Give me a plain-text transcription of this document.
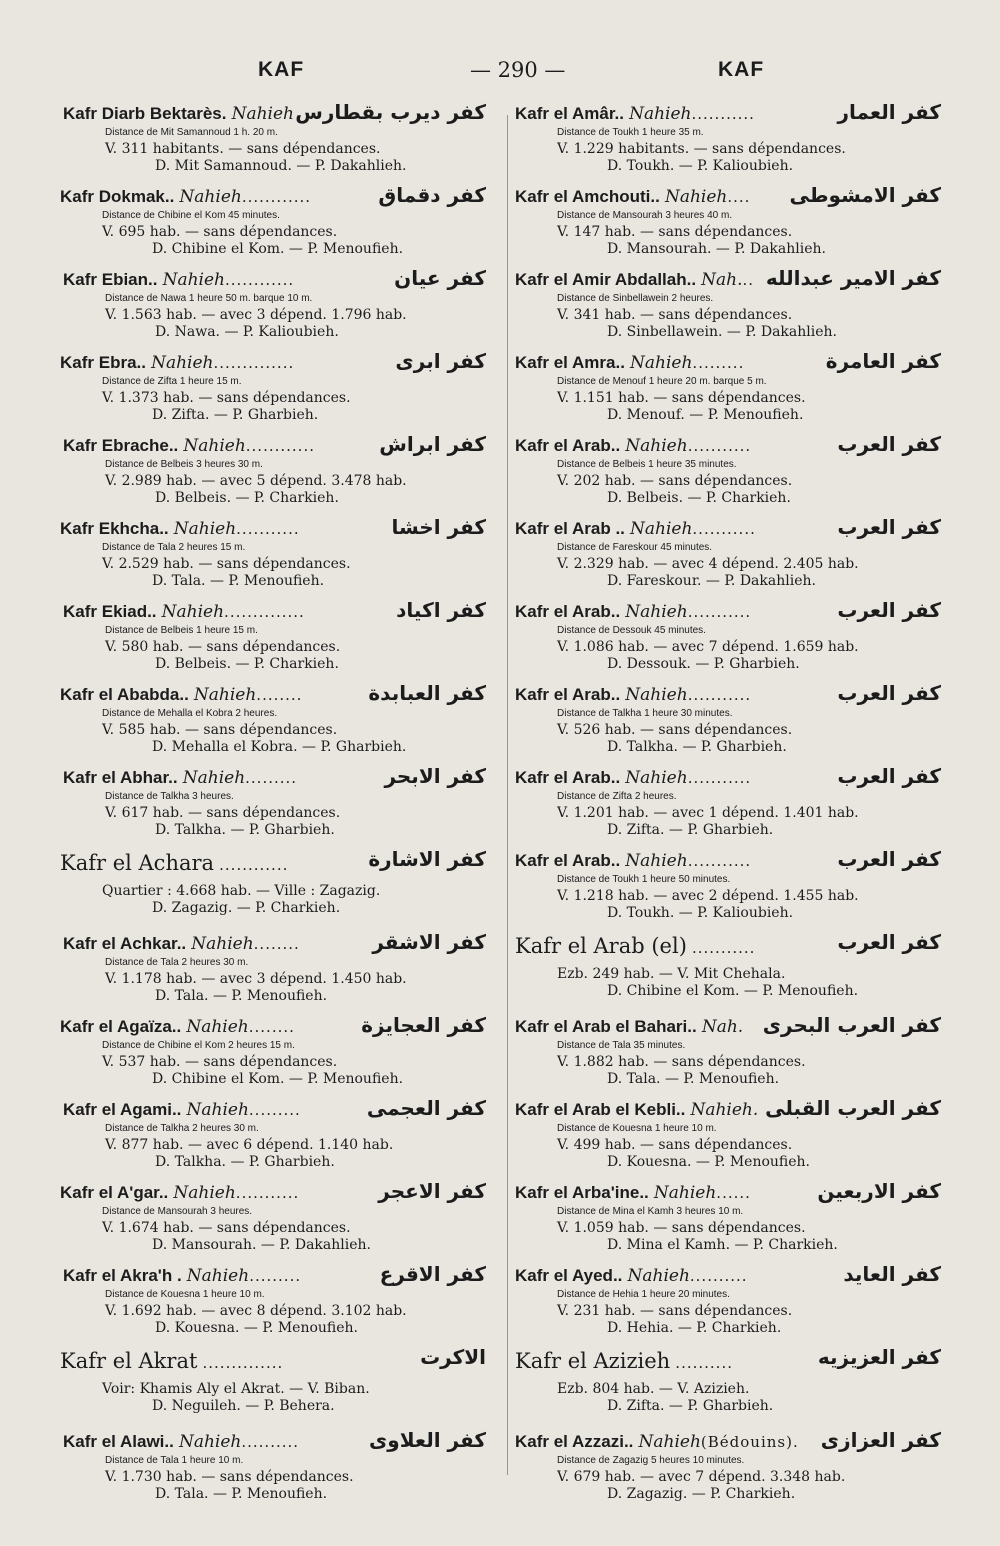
KAF	— 290 —	KAF
Kafr Diarb Bektarès. Nahieh كفر ديرب بقطارس
Distance de Mit Samannoud 1 h. 20 m.
V. 311 habitants. — sans dépendances.
D. Mit Samannoud. — P. Dakahlieh.
Kafr Dokmak.. Nahieh............	كفر دقماق
Distance de Chibine el Kom 45 minutes.
V. 695 hab. — sans dépendances.
D. Chibine el Kom. — P. Menoufieh.
Kafr Ebian.. Nahieh............	كفر عيان
Distance de Nawa 1 heure 50 m. barque 10 m.
V. 1.563 hab. — avec 3 dépend. 1.796 hab.
D. Nawa. — P. Kalioubieh.
Kafr Ebra.. Nahieh..............	كفر ابرى
Distance de Zifta 1 heure 15 m.
V. 1.373 hab. — sans dépendances.
D. Zifta. — P. Gharbieh.
Kafr Ebrache.. Nahieh............	كفر ابراش
Distance de Belbeis 3 heures 30 m.
V. 2.989 hab. — avec 5 dépend. 3.478 hab.
D. Belbeis. — P. Charkieh.
Kafr Ekhcha.. Nahieh...........	كفر اخشا
Distance de Tala 2 heures 15 m.
V. 2.529 hab. — sans dépendances.
D. Tala. — P. Menoufieh.
Kafr Ekiad.. Nahieh..............	كفر اكياد
Distance de Belbeis 1 heure 15 m.
V. 580 hab. — sans dépendances.
D. Belbeis. — P. Charkieh.
Kafr el Ababda.. Nahieh........	كفر العبابدة
Distance de Mehalla el Kobra 2 heures.
V. 585 hab. — sans dépendances.
D. Mehalla el Kobra. — P. Gharbieh.
Kafr el Abhar.. Nahieh.........	كفر الابحر
Distance de Talkha 3 heures.
V. 617 hab. — sans dépendances.
D. Talkha. — P. Gharbieh.
Kafr el Achara ............	كفر الاشارة
Quartier : 4.668 hab. — Ville : Zagazig.
D. Zagazig. — P. Charkieh.
Kafr el Achkar.. Nahieh........	كفر الاشقر
Distance de Tala 2 heures 30 m.
V. 1.178 hab. — avec 3 dépend. 1.450 hab.
D. Tala. — P. Menoufieh.
Kafr el Agaïza.. Nahieh........	كفر العجايزة
Distance de Chibine el Kom 2 heures 15 m.
V. 537 hab. — sans dépendances.
D. Chibine el Kom. — P. Menoufieh.
Kafr el Agami.. Nahieh.........	كفر العجمى
Distance de Talkha 2 heures 30 m.
V. 877 hab. — avec 6 dépend. 1.140 hab.
D. Talkha. — P. Gharbieh.
Kafr el A'gar.. Nahieh...........	كفر الاعجر
Distance de Mansourah 3 heures.
V. 1.674 hab. — sans dépendances.
D. Mansourah. — P. Dakahlieh.
Kafr el Akra'h . Nahieh.........	كفر الاقرع
Distance de Kouesna 1 heure 10 m.
V. 1.692 hab. — avec 8 dépend. 3.102 hab.
D. Kouesna. — P. Menoufieh.
Kafr el Akrat ..............	الاكرت
Voir: Khamis Aly el Akrat. — V. Biban.
D. Neguileh. — P. Behera.
Kafr el Alawi.. Nahieh..........	كفر العلاوى
Distance de Tala 1 heure 10 m.
V. 1.730 hab. — sans dépendances.
D. Tala. — P. Menoufieh.
Kafr el Amâr.. Nahieh...........	كفر العمار
Distance de Toukh 1 heure 35 m.
V. 1.229 habitants. — sans dépendances.
D. Toukh. — P. Kalioubieh.
Kafr el Amchouti.. Nahieh.... كفر الامشوطى
Distance de Mansourah 3 heures 40 m.
V. 147 hab. — sans dépendances.
D. Mansourah. — P. Dakahlieh.
Kafr el Amir Abdallah.. Nah... كفر الامير عبدالله
Distance de Sinbellawein 2 heures.
V. 341 hab. — sans dépendances.
D. Sinbellawein. — P. Dakahlieh.
Kafr el Amra.. Nahieh.........	كفر العامرة
Distance de Menouf 1 heure 20 m. barque 5 m.
V. 1.151 hab. — sans dépendances.
D. Menouf. — P. Menoufieh.
Kafr el Arab.. Nahieh...........	كفر العرب
Distance de Belbeis 1 heure 35 minutes.
V. 202 hab. — sans dépendances.
D. Belbeis. — P. Charkieh.
Kafr el Arab .. Nahieh...........	كفر العرب
Distance de Fareskour 45 minutes.
V. 2.329 hab. — avec 4 dépend. 2.405 hab.
D. Fareskour. — P. Dakahlieh.
Kafr el Arab.. Nahieh...........	كفر العرب
Distance de Dessouk 45 minutes.
V. 1.086 hab. — avec 7 dépend. 1.659 hab.
D. Dessouk. — P. Gharbieh.
Kafr el Arab.. Nahieh...........	كفر العرب
Distance de Talkha 1 heure 30 minutes.
V. 526 hab. — sans dépendances.
D. Talkha. — P. Gharbieh.
Kafr el Arab.. Nahieh...........	كفر العرب
Distance de Zifta 2 heures.
V. 1.201 hab. — avec 1 dépend. 1.401 hab.
D. Zifta. — P. Gharbieh.
Kafr el Arab.. Nahieh...........	كفر العرب
Distance de Toukh 1 heure 50 minutes.
V. 1.218 hab. — avec 2 dépend. 1.455 hab.
D. Toukh. — P. Kalioubieh.
Kafr el Arab (el) ...........	كفر العرب
Ezb. 249 hab. — V. Mit Chehala.
D. Chibine el Kom. — P. Menoufieh.
Kafr el Arab el Bahari.. Nah. كفر العرب البحرى
Distance de Tala 35 minutes.
V. 1.882 hab. — sans dépendances.
D. Tala. — P. Menoufieh.
Kafr el Arab el Kebli.. Nahieh. كفر العرب القبلى
Distance de Kouesna 1 heure 10 m.
V. 499 hab. — sans dépendances.
D. Kouesna. — P. Menoufieh.
Kafr el Arba'ine.. Nahieh......	كفر الاربعين
Distance de Mina el Kamh 3 heures 10 m.
V. 1.059 hab. — sans dépendances.
D. Mina el Kamh. — P. Charkieh.
Kafr el Ayed.. Nahieh..........	كفر العايد
Distance de Hehia 1 heure 20 minutes.
V. 231 hab. — sans dépendances.
D. Hehia. — P. Charkieh.
Kafr el Azizieh ..........	كفر العزيزيه
Ezb. 804 hab. — V. Azizieh.
D. Zifta. — P. Gharbieh.
Kafr el Azzazi.. Nahieh(Bédouins). كفر العزازى
Distance de Zagazig 5 heures 10 minutes.
V. 679 hab. — avec 7 dépend. 3.348 hab.
D. Zagazig. — P. Charkieh.
